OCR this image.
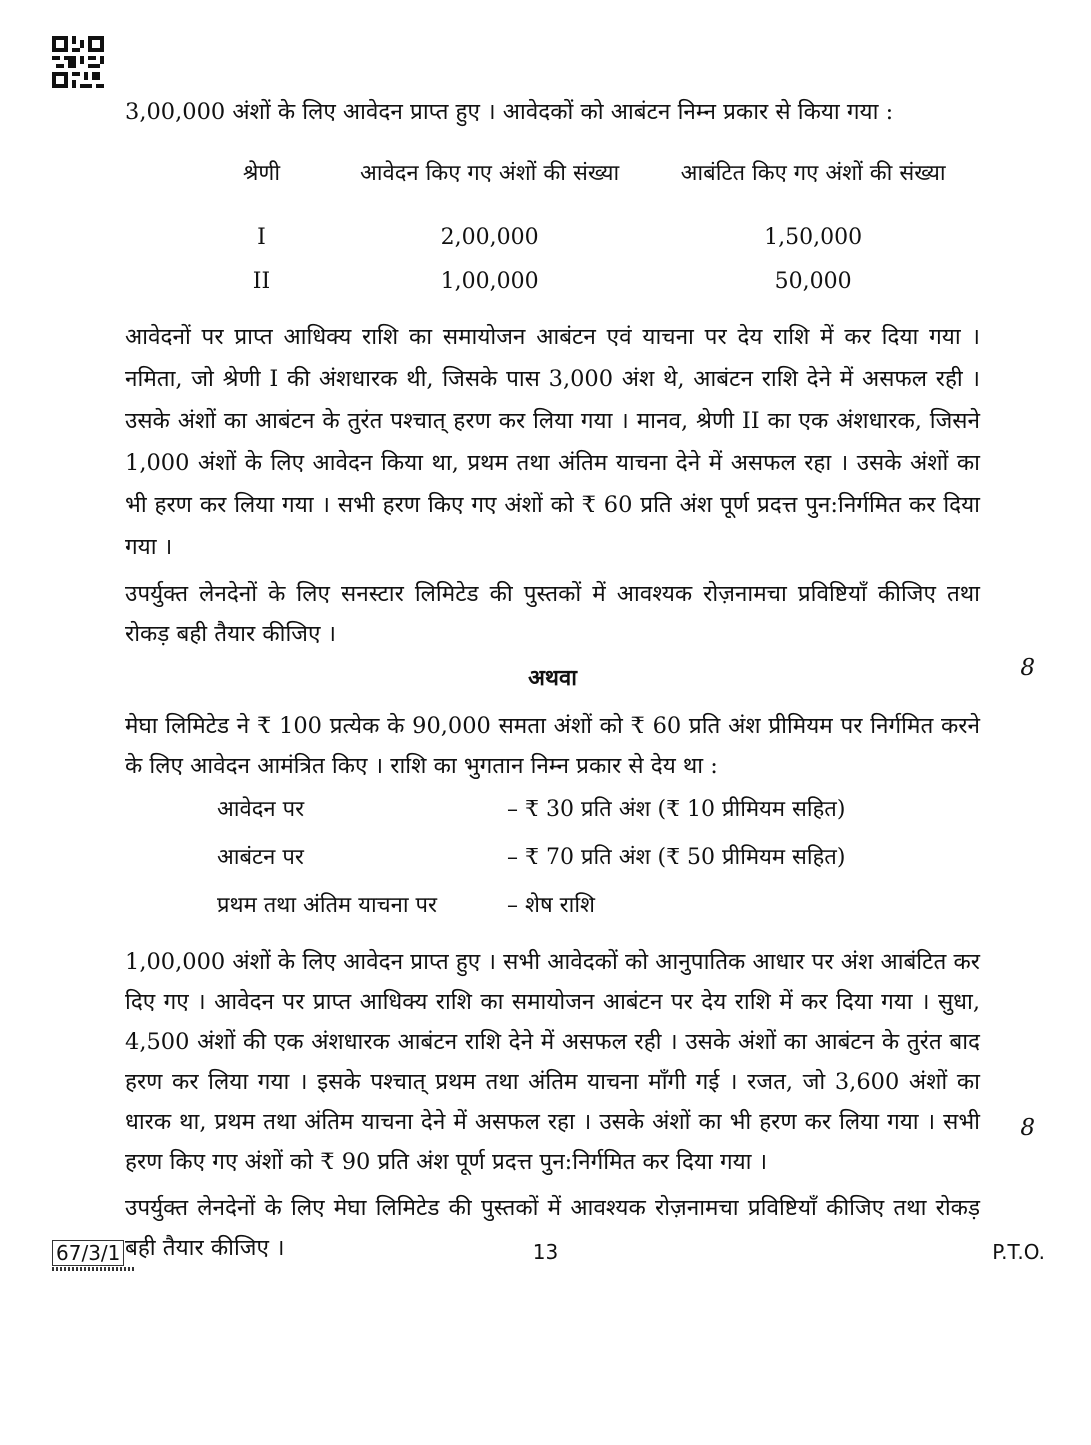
3,00,000 अंशों के लिए आवेदन प्राप्त हुए । आवेदकों को आबंटन निम्न प्रकार से किया गया :

श्रेणी	आवेदन किए गए अंशों की संख्या	आबंटित किए गए अंशों की संख्या
I	2,00,000	1,50,000
II	1,00,000	50,000

आवेदनों पर प्राप्त आधिक्य राशि का समायोजन आबंटन एवं याचना पर देय राशि में कर दिया गया । नमिता, जो श्रेणी I की अंशधारक थी, जिसके पास 3,000 अंश थे, आबंटन राशि देने में असफल रही । उसके अंशों का आबंटन के तुरंत पश्चात् हरण कर लिया गया । मानव, श्रेणी II का एक अंशधारक, जिसने 1,000 अंशों के लिए आवेदन किया था, प्रथम तथा अंतिम याचना देने में असफल रहा । उसके अंशों का भी हरण कर लिया गया । सभी हरण किए गए अंशों को ₹ 60 प्रति अंश पूर्ण प्रदत्त पुन:निर्गमित कर दिया गया ।

उपर्युक्त लेनदेनों के लिए सनस्टार लिमिटेड की पुस्तकों में आवश्यक रोज़नामचा प्रविष्टियाँ कीजिए तथा रोकड़ बही तैयार कीजिए ।

अथवा

मेघा लिमिटेड ने ₹ 100 प्रत्येक के 90,000 समता अंशों को ₹ 60 प्रति अंश प्रीमियम पर निर्गमित करने के लिए आवेदन आमंत्रित किए । राशि का भुगतान निम्न प्रकार से देय था :

आवेदन पर	– ₹ 30 प्रति अंश (₹ 10 प्रीमियम सहित)
आबंटन पर	– ₹ 70 प्रति अंश (₹ 50 प्रीमियम सहित)
प्रथम तथा अंतिम याचना पर	– शेष राशि

1,00,000 अंशों के लिए आवेदन प्राप्त हुए । सभी आवेदकों को आनुपातिक आधार पर अंश आबंटित कर दिए गए । आवेदन पर प्राप्त आधिक्य राशि का समायोजन आबंटन पर देय राशि में कर दिया गया । सुधा, 4,500 अंशों की एक अंशधारक आबंटन राशि देने में असफल रही । उसके अंशों का आबंटन के तुरंत बाद हरण कर लिया गया । इसके पश्चात् प्रथम तथा अंतिम याचना माँगी गई । रजत, जो 3,600 अंशों का धारक था, प्रथम तथा अंतिम याचना देने में असफल रहा । उसके अंशों का भी हरण कर लिया गया । सभी हरण किए गए अंशों को ₹ 90 प्रति अंश पूर्ण प्रदत्त पुन:निर्गमित कर दिया गया ।

उपर्युक्त लेनदेनों के लिए मेघा लिमिटेड की पुस्तकों में आवश्यक रोज़नामचा प्रविष्टियाँ कीजिए तथा रोकड़ बही तैयार कीजिए ।

8
8
67/3/1	13	P.T.O.
